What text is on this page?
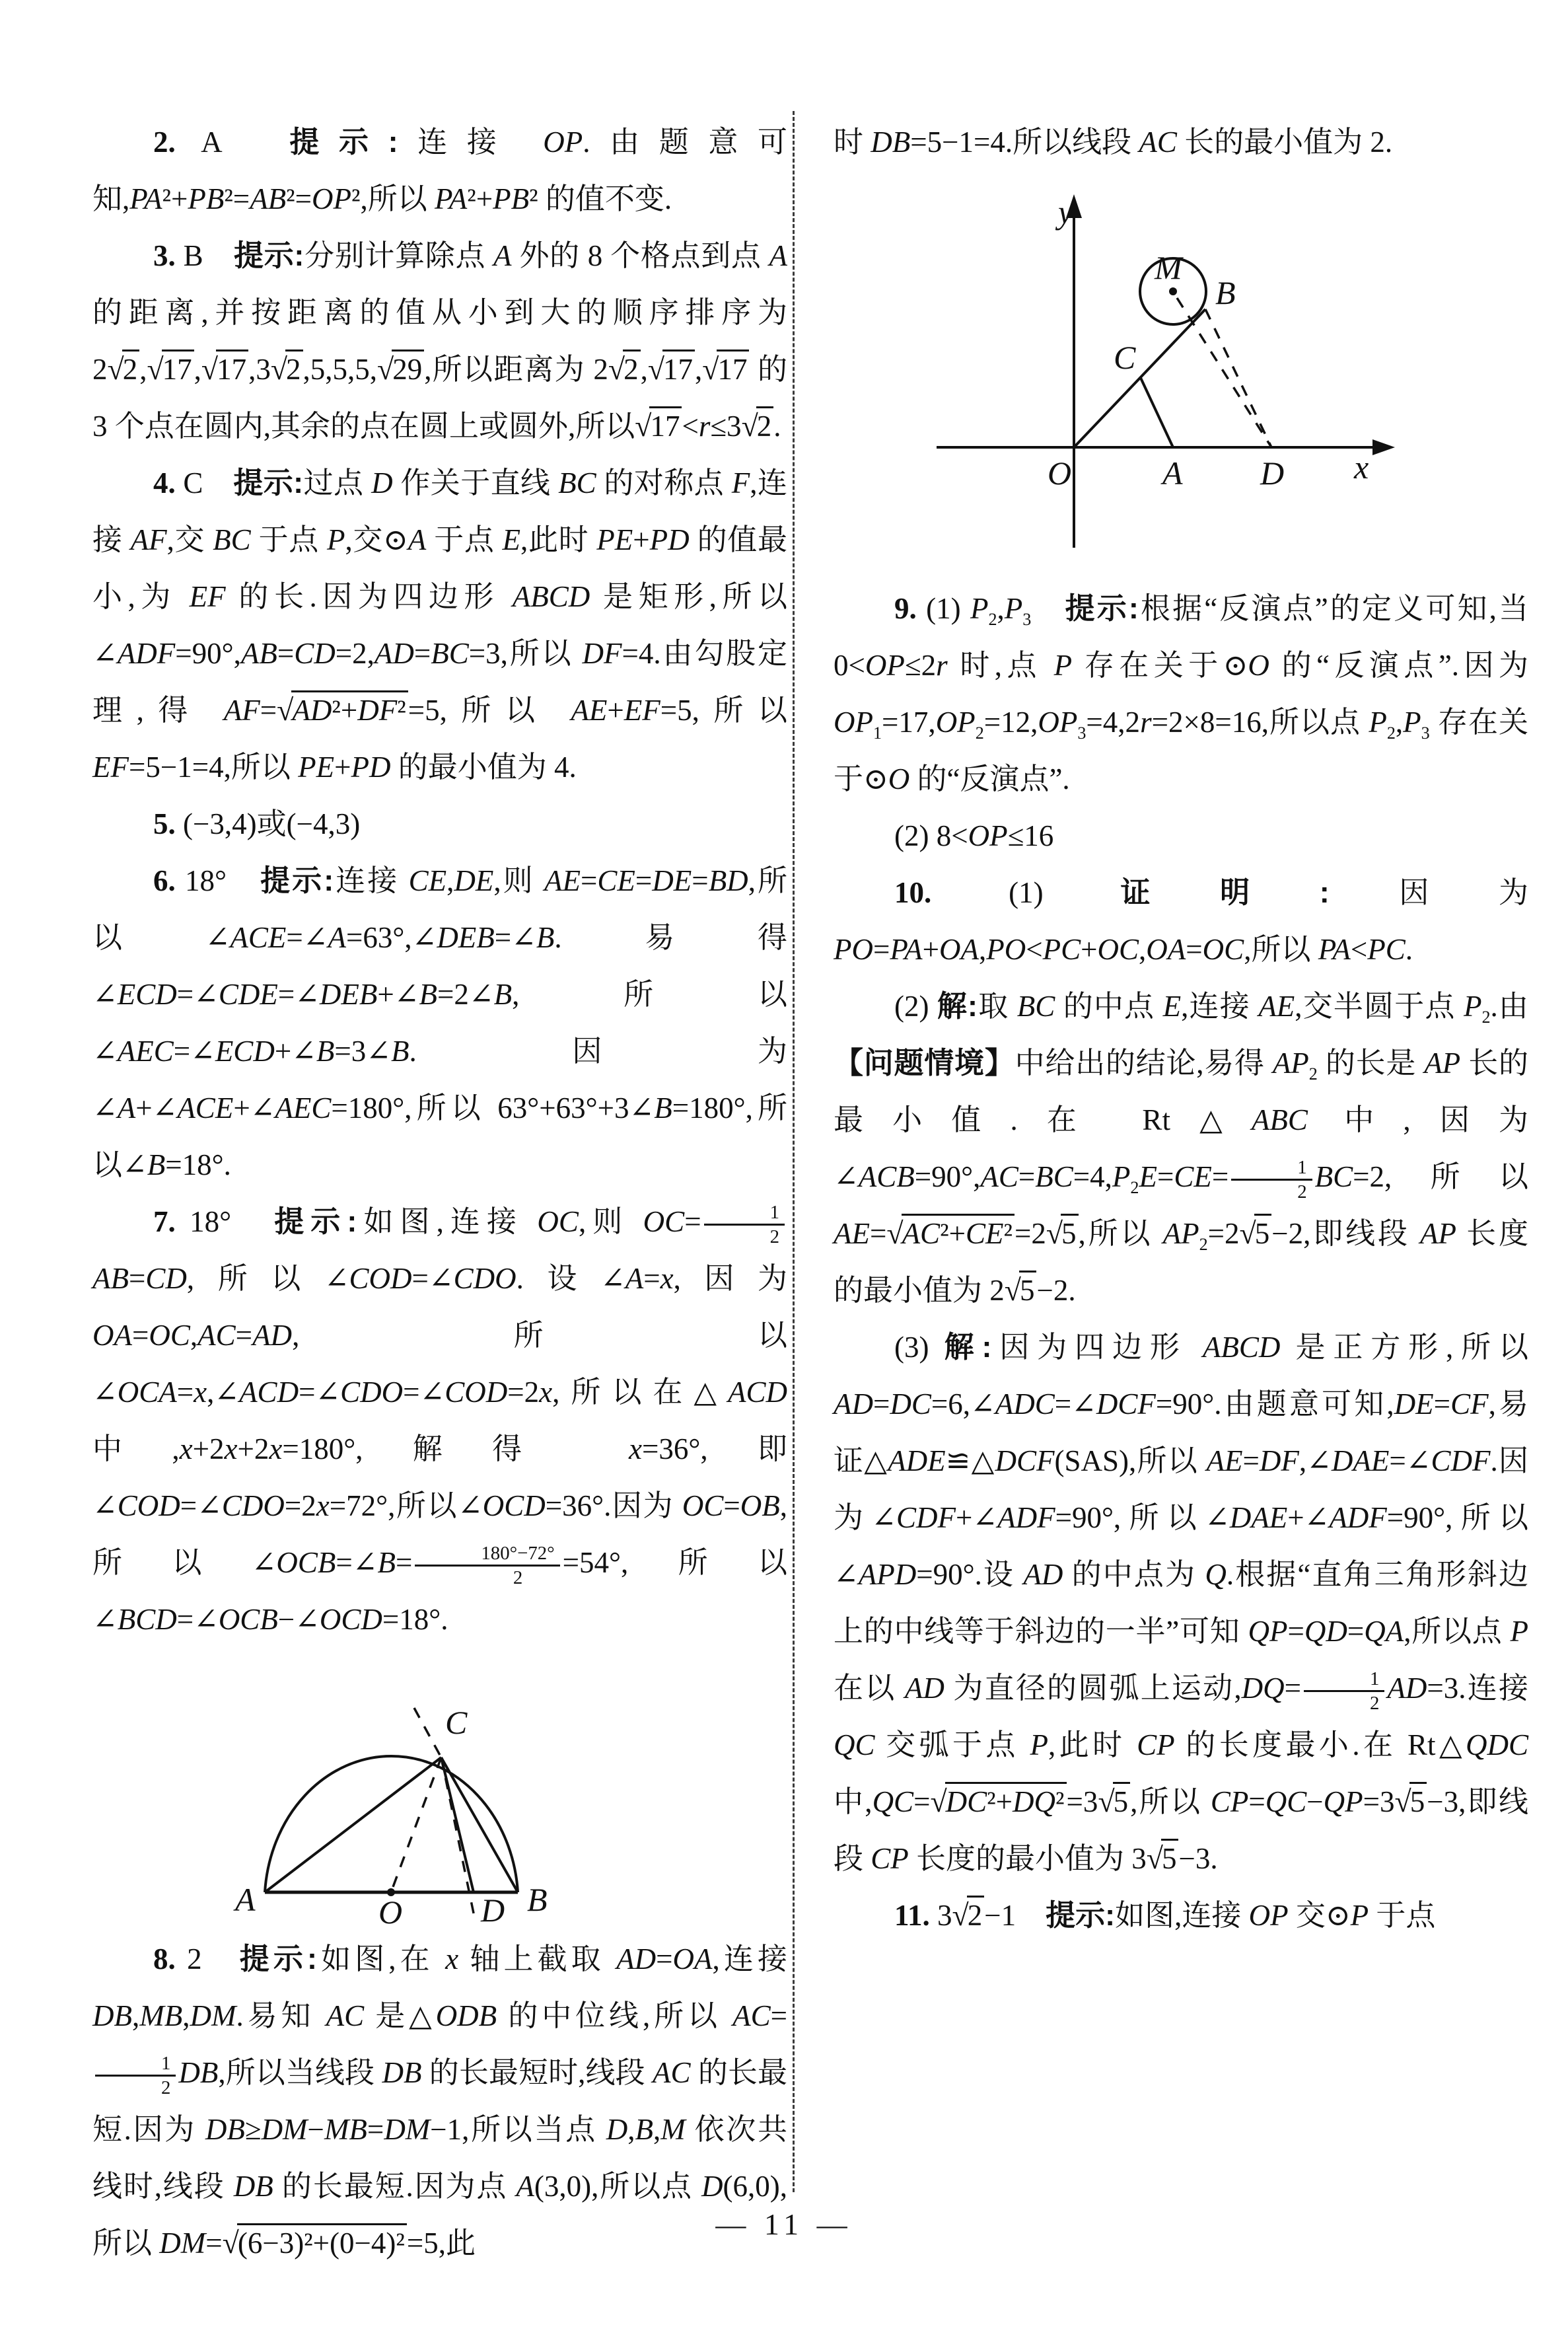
2. A　提示:连接 OP.由题意可知,PA²+PB²=AB²=OP²,所以 PA²+PB² 的值不变.

3. B　提示:分别计算除点 A 外的 8 个格点到点 A 的距离,并按距离的值从小到大的顺序排序为 2√2,√17,√17,3√2,5,5,5,√29,所以距离为 2√2,√17,√17 的 3 个点在圆内,其余的点在圆上或圆外,所以√17<r≤3√2.

4. C　提示:过点 D 作关于直线 BC 的对称点 F,连接 AF,交 BC 于点 P,交⊙A 于点 E,此时 PE+PD 的值最小,为 EF 的长.因为四边形 ABCD 是矩形,所以∠ADF=90°,AB=CD=2,AD=BC=3,所以 DF=4.由勾股定理,得 AF=√AD²+DF²=5,所以 AE+EF=5,所以 EF=5−1=4,所以 PE+PD 的最小值为 4.

5. (−3,4)或(−4,3)

6. 18°　提示:连接 CE,DE,则 AE=CE=DE=BD,所以∠ACE=∠A=63°,∠DEB=∠B.易得∠ECD=∠CDE=∠DEB+∠B=2∠B,所以∠AEC=∠ECD+∠B=3∠B.因为∠A+∠ACE+∠AEC=180°,所以 63°+63°+3∠B=180°,所以∠B=18°.

7. 18°　提示:如图,连接 OC,则 $OC= \frac{1}{2}$
AB=CD,所以∠COD=∠CDO.设∠A=x,因为 OA=OC,AC=AD,所以∠OCA=x,∠ACD=∠CDO=∠COD=2x,所以在△ACD 中,x+2x+2x=180°,解得 x=36°,即∠COD=∠CDO=2x=72°,所以∠OCD=36°.因为 OC=OB,所以∠OCB=∠B= $\frac{180^\circ-72^\circ}{2} =54^\circ$,所以∠BCD=∠OCB−∠OCD=18°.

A	B
O D
C

8. 2　提示:如图,在 x 轴上截取 AD=OA,连接 DB,MB,DM.易知 AC 是△ODB 的中位线,所以 AC=
$\frac{1}{2}$ DB,所以当线段 DB 的长最短时,线段 AC 的长最短.因为 DB≥DM−MB=DM−1,所以当点 D,B,M 依次共线时,线段 DB 的长最短.因为点 A(3,0),所以点 D(6,0),所以 DM=√(6−3)²+(0−4)²=5,此

时 DB=5−1=4.所以线段 AC 长的最小值为 2.

y
x
O	A D
C
M
B

9. (1) $P_2,P_3$　 提示:根据“反演点”的定义可知,当 0<OP≤2r 时,点 P 存在关于⊙O 的“反演点”.因为 $OP_1=17,OP_2=12,OP_3=4,2r=2\times 8=16$,所以点 $P_2,P_3$ 存在关于⊙O 的“反演点”.

(2) 8<OP≤16

10. (1) 证明:因为 PO=PA+OA,PO<PC+OC,OA=OC,所以 PA<PC.

(2) 解:取 BC 的中点 E,连接 AE,交半圆于点 $P_2$.由【问题情境】中给出的结论,易得 $AP_2$ 的长是 AP 长的最小值.在 Rt△ABC 中,因为$\angle ACB=90^\circ,AC=BC=4,P_2E=CE= \frac{1}{2} BC=2$,所以 AE=√AC²+CE²=2√5,所以 $AP_2=2√5-2$,即线段 AP 长度的最小值为 2√5−2.

(3) 解:因为四边形 ABCD 是正方形,所以 AD=DC=6,∠ADC=∠DCF=90°.由题意可知,DE=CF,易证△ADE≌△DCF(SAS),所以 AE=DF,∠DAE=∠CDF.因为∠CDF+∠ADF=90°,所以∠DAE+∠ADF=90°,所以∠APD=90°.设 AD 的中点为 Q.根据“直角三角形斜边上的中线等于斜边的一半”可知 QP=QD=QA,所以点 P 在以 AD 为直径的圆弧上运动$,DQ= \frac{1}{2} AD=3$.连接 QC 交弧于点 P,此时 CP 的长度最小.在 Rt△QDC 中,QC=√DC²+DQ²=3√5,所以 CP=QC−QP=3√5−3,即线段 CP 长度的最小值为 3√5−3.

11. 3√2−1　提示:如图,连接 OP 交⊙P 于点

— 11 —
